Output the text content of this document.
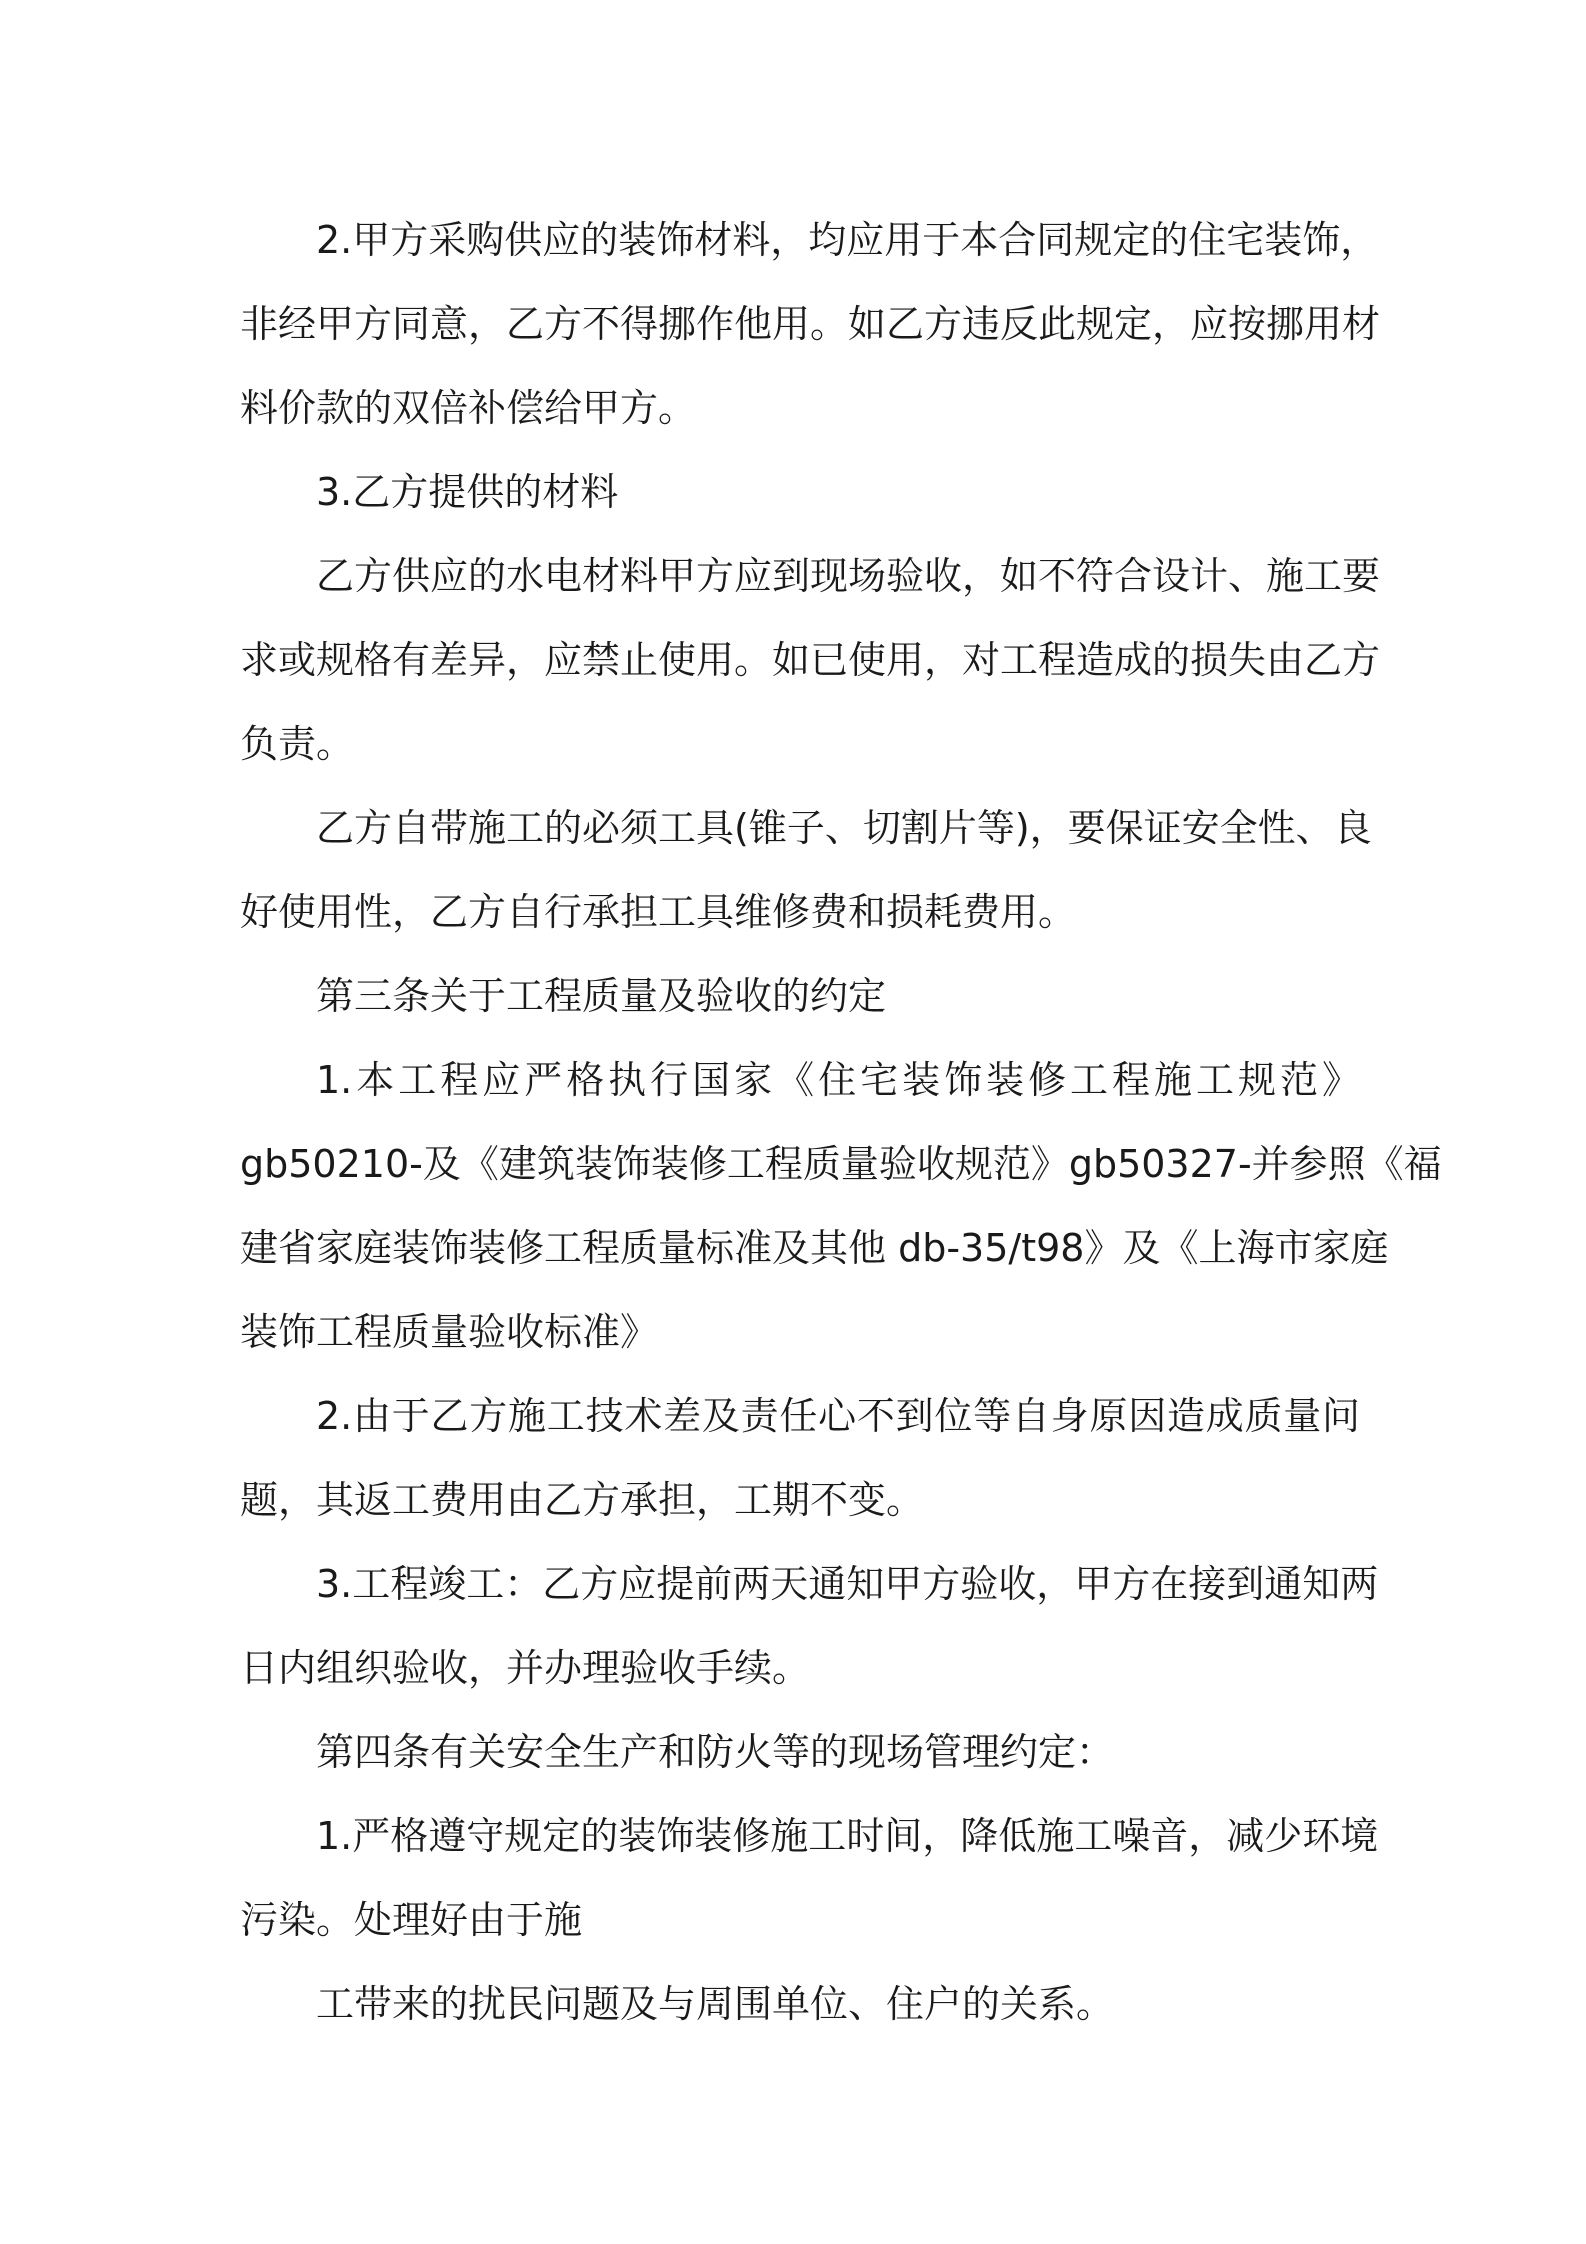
2.甲方采购供应的装饰材料，均应用于本合同规定的住宅装饰，
非经甲方同意，乙方不得挪作他用。如乙方违反此规定，应按挪用材
料价款的双倍补偿给甲方。
3.乙方提供的材料
乙方供应的水电材料甲方应到现场验收，如不符合设计、施工要
求或规格有差异，应禁止使用。如已使用，对工程造成的损失由乙方
负责。
乙方自带施工的必须工具(锥子、切割片等)，要保证安全性、良
好使用性，乙方自行承担工具维修费和损耗费用。
第三条关于工程质量及验收的约定
1.本工程应严格执行国家《住宅装饰装修工程施工规范》
gb50210-及《建筑装饰装修工程质量验收规范》gb50327-并参照《福
建省家庭装饰装修工程质量标准及其他 db-35/t98》及《上海市家庭
装饰工程质量验收标准》
2.由于乙方施工技术差及责任心不到位等自身原因造成质量问
题，其返工费用由乙方承担，工期不变。
3.工程竣工：乙方应提前两天通知甲方验收，甲方在接到通知两
日内组织验收，并办理验收手续。
第四条有关安全生产和防火等的现场管理约定：
1.严格遵守规定的装饰装修施工时间，降低施工噪音，减少环境
污染。处理好由于施
工带来的扰民问题及与周围单位、住户的关系。
